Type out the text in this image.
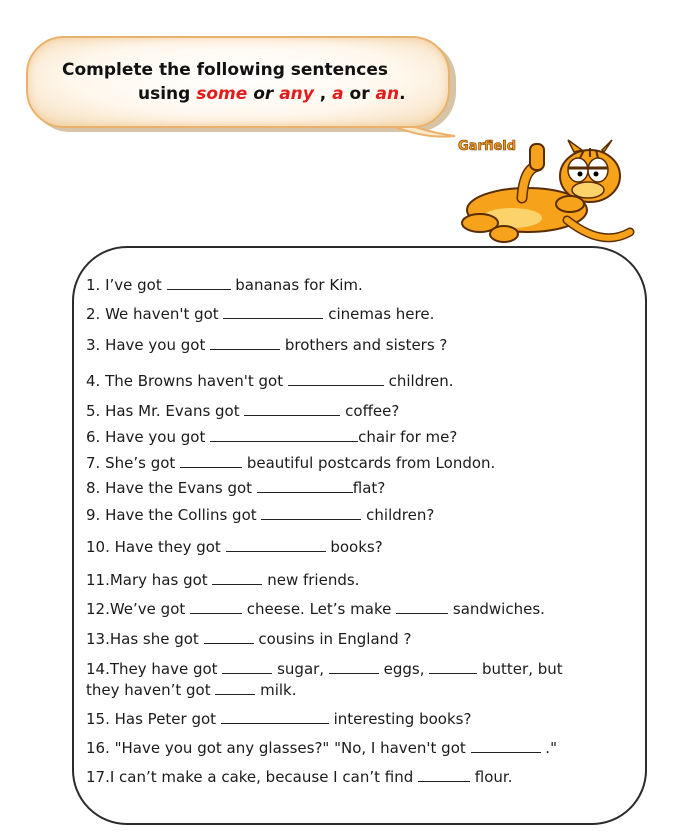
Complete the following sentences
using some or any , a or an.
Garfield
1. I’ve got	bananas for Kim.
2. We haven't got	cinemas here.
3. Have you got	brothers and sisters ?
4. The Browns haven't got	children.
5. Has Mr. Evans got	coffee?
6. Have you got	chair for me?
7. She’s got	beautiful postcards from London.
8. Have the Evans got	flat?
9. Have the Collins got	children?
10. Have they got	books?
11.Mary has got	new friends.
12.We’ve got	cheese. Let’s make	sandwiches.
13.Has she got	cousins in England ?
14.They have got	sugar,	eggs,	butter, but
they haven’t got	milk.
15. Has Peter got	interesting books?
16. "Have you got any glasses?" "No, I haven't got	."
17.I can’t make a cake, because I can’t find	flour.
